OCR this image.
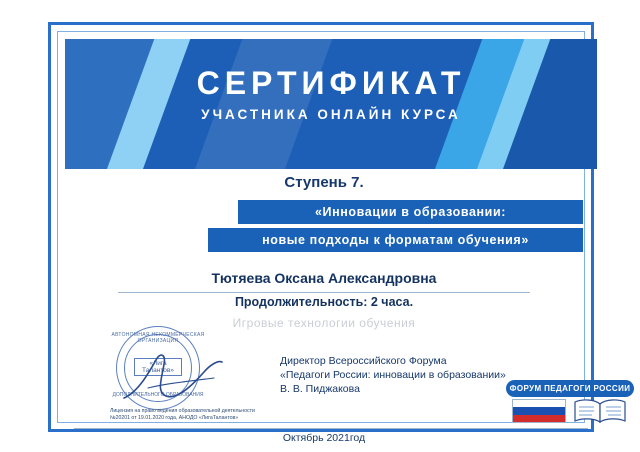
СЕРТИФИКАТ
УЧАСТНИКА ОНЛАЙН КУРСА
Ступень 7.
«Инновации в образовании:
новые подходы к форматам обучения»
Тютяева Оксана Александровна
Продолжительность: 2 часа.
Игровые технологии обучения
АВТОНОМНАЯ НЕКОММЕРЧЕСКАЯ ОРГАНИЗАЦИЯ
«Лига Талантов»
ДОПОЛНИТЕЛЬНОГО ОБРАЗОВАНИЯ
Директор Всероссийского Форума
«Педагоги России: инновации в образовании»
В. В. Пиджакова	ФОРУМ ПЕДАГОГИ РОССИИ
Лицензия на право ведения образовательной деятельности №20201 от 19.01.2020 года, АНОДО «ЛигаТалантов»
Октябрь 2021год
